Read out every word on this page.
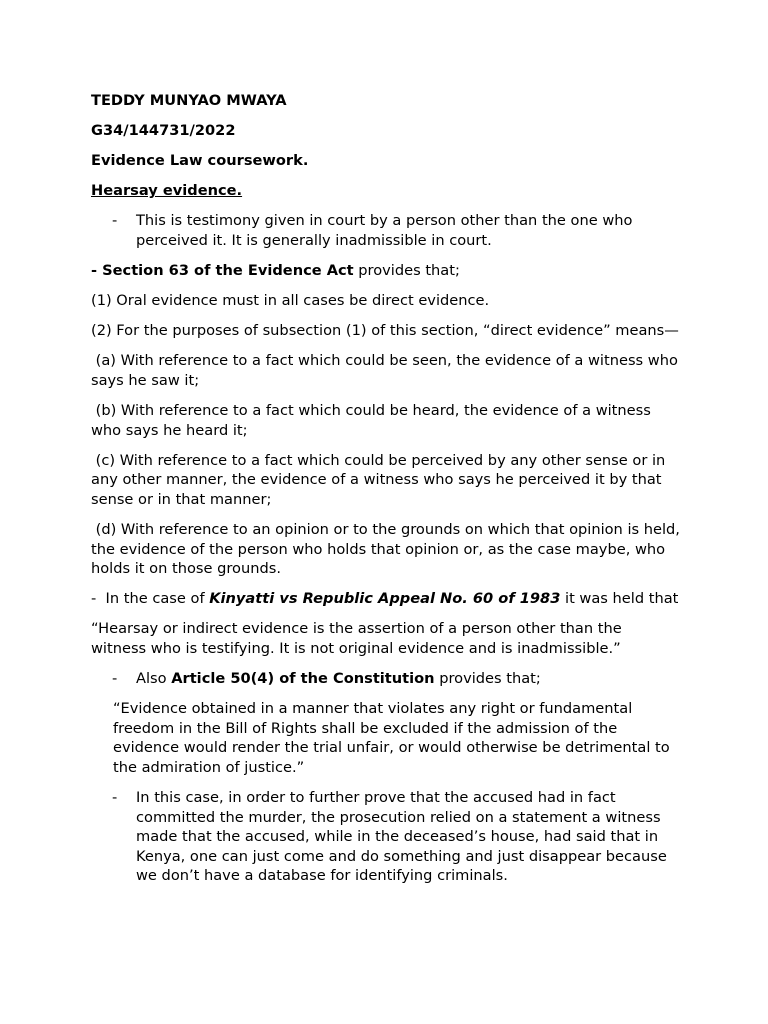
TEDDY MUNYAO MWAYA

G34/144731/2022

Evidence Law coursework.

Hearsay evidence.

- This is testimony given in court by a person other than the one who perceived it. It is generally inadmissible in court.

- Section 63 of the Evidence Act provides that;

(1) Oral evidence must in all cases be direct evidence.

(2) For the purposes of subsection (1) of this section, “direct evidence” means—

(a) With reference to a fact which could be seen, the evidence of a witness who says he saw it;

(b) With reference to a fact which could be heard, the evidence of a witness who says he heard it;

(c) With reference to a fact which could be perceived by any other sense or in any other manner, the evidence of a witness who says he perceived it by that sense or in that manner;

(d) With reference to an opinion or to the grounds on which that opinion is held, the evidence of the person who holds that opinion or, as the case maybe, who holds it on those grounds.

-  In the case of Kinyatti vs Republic Appeal No. 60 of 1983 it was held that

“Hearsay or indirect evidence is the assertion of a person other than the witness who is testifying. It is not original evidence and is inadmissible.”

- Also Article 50(4) of the Constitution provides that;

“Evidence obtained in a manner that violates any right or fundamental freedom in the Bill of Rights shall be excluded if the admission of the evidence would render the trial unfair, or would otherwise be detrimental to the admiration of justice.”

- In this case, in order to further prove that the accused had in fact committed the murder, the prosecution relied on a statement a witness made that the accused, while in the deceased’s house, had said that in Kenya, one can just come and do something and just disappear because we don’t have a database for identifying criminals.
